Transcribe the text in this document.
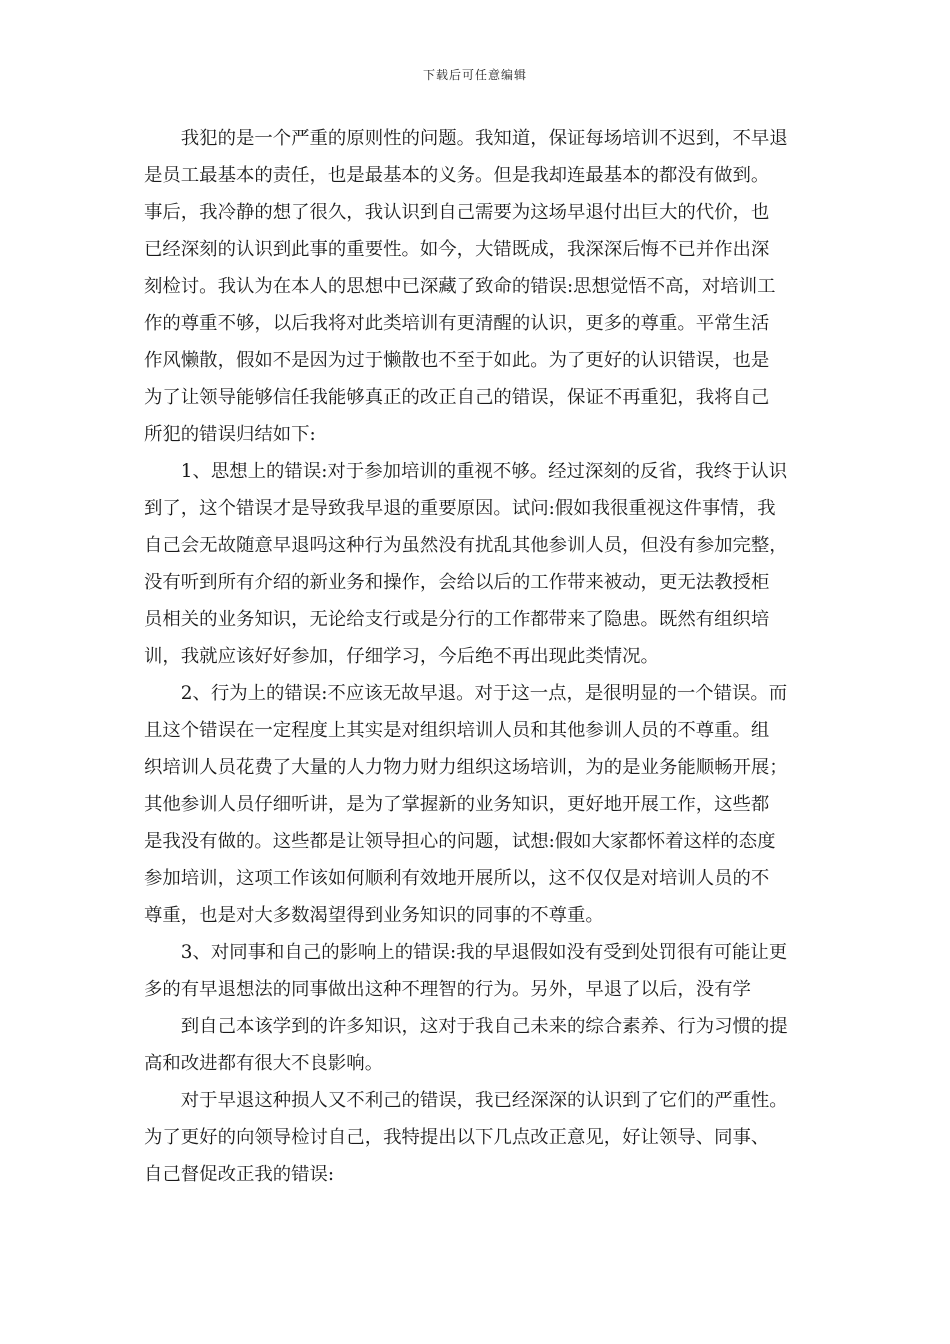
下载后可任意编辑
　　我犯的是一个严重的原则性的问题。我知道，保证每场培训不迟到，不早退
是员工最基本的责任，也是最基本的义务。但是我却连最基本的都没有做到。
事后，我冷静的想了很久，我认识到自己需要为这场早退付出巨大的代价，也
已经深刻的认识到此事的重要性。如今，大错既成，我深深后悔不已并作出深
刻检讨。我认为在本人的思想中已深藏了致命的错误:思想觉悟不高，对培训工
作的尊重不够，以后我将对此类培训有更清醒的认识，更多的尊重。平常生活
作风懒散，假如不是因为过于懒散也不至于如此。为了更好的认识错误，也是
为了让领导能够信任我能够真正的改正自己的错误，保证不再重犯，我将自己
所犯的错误归结如下:
　　1、思想上的错误:对于参加培训的重视不够。经过深刻的反省，我终于认识
到了，这个错误才是导致我早退的重要原因。试问:假如我很重视这件事情，我
自己会无故随意早退吗这种行为虽然没有扰乱其他参训人员，但没有参加完整，
没有听到所有介绍的新业务和操作，会给以后的工作带来被动，更无法教授柜
员相关的业务知识，无论给支行或是分行的工作都带来了隐患。既然有组织培
训，我就应该好好参加，仔细学习，今后绝不再出现此类情况。
　　2、行为上的错误:不应该无故早退。对于这一点，是很明显的一个错误。而
且这个错误在一定程度上其实是对组织培训人员和其他参训人员的不尊重。组
织培训人员花费了大量的人力物力财力组织这场培训，为的是业务能顺畅开展；
其他参训人员仔细听讲，是为了掌握新的业务知识，更好地开展工作，这些都
是我没有做的。这些都是让领导担心的问题，试想:假如大家都怀着这样的态度
参加培训，这项工作该如何顺利有效地开展所以，这不仅仅是对培训人员的不
尊重，也是对大多数渴望得到业务知识的同事的不尊重。
　　3、对同事和自己的影响上的错误:我的早退假如没有受到处罚很有可能让更
多的有早退想法的同事做出这种不理智的行为。另外，早退了以后，没有学
　　到自己本该学到的许多知识，这对于我自己未来的综合素养、行为习惯的提
高和改进都有很大不良影响。
　　对于早退这种损人又不利己的错误，我已经深深的认识到了它们的严重性。
为了更好的向领导检讨自己，我特提出以下几点改正意见，好让领导、同事、
自己督促改正我的错误:
